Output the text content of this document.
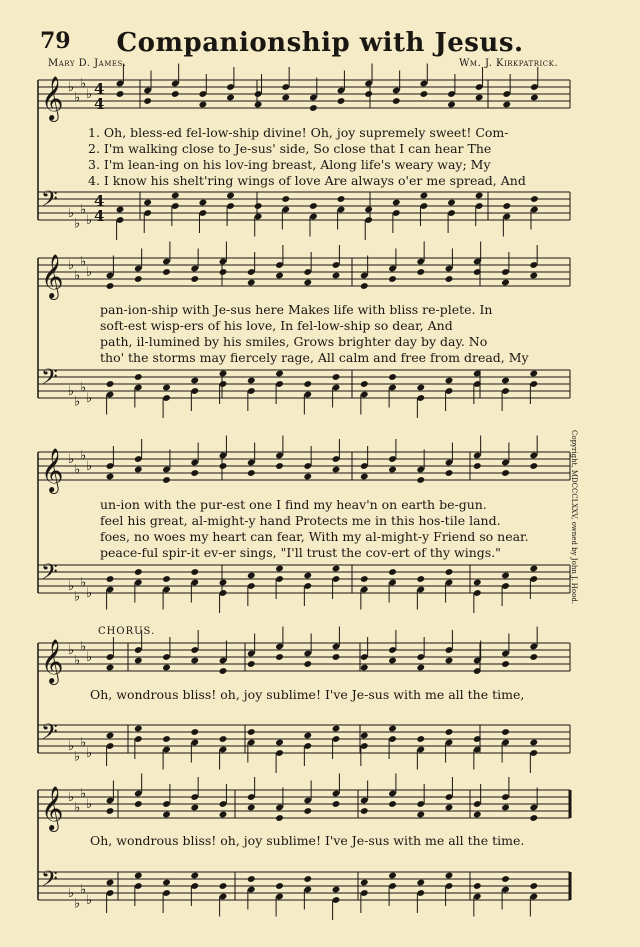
79	Companionship with Jesus.
Mary D. James.	Wm. J. Kirkpatrick.
Copyright, MDCCCLXXV, owned by John J. Hood.
𝄞 ♭
♭
♭
♭ 4
4
𝄢 ♭
♭
♭
♭
4
4
𝄞 ♭
♭
♭
♭
𝄢 ♭
♭
♭
♭
𝄞 ♭
♭
♭
♭
𝄢 ♭
♭
♭
♭
𝄞 ♭
♭
♭
♭
𝄢 ♭
♭
♭
♭
𝄞 ♭
♭
♭
♭
𝄢 ♭
♭
♭
♭
1. Oh, bless-ed fel-low-ship divine! Oh, joy supremely sweet! Com-
2. I'm walking close to Je-sus' side, So close that I can hear The
3. I'm lean-ing on his lov-ing breast, Along life's weary way; My
4. I know his shelt'ring wings of love Are always o'er me spread, And
pan-ion-ship with Je-sus here Makes life with bliss re-plete. In
soft-est wisp-ers of his love, In fel-low-ship so dear, And
path, il-lumined by his smiles, Grows brighter day by day. No
tho' the storms may fiercely rage, All calm and free from dread, My
un-ion with the pur-est one I find my heav'n on earth be-gun.
feel his great, al-might-y hand Protects me in this hos-tile land.
foes, no woes my heart can fear, With my al-might-y Friend so near.
peace-ful spir-it ev-er sings, "I'll trust the cov-ert of thy wings."
CHORUS.
Oh, wondrous bliss! oh, joy sublime! I've Je-sus with me all the time,
Oh, wondrous bliss! oh, joy sublime! I've Je-sus with me all the time.
